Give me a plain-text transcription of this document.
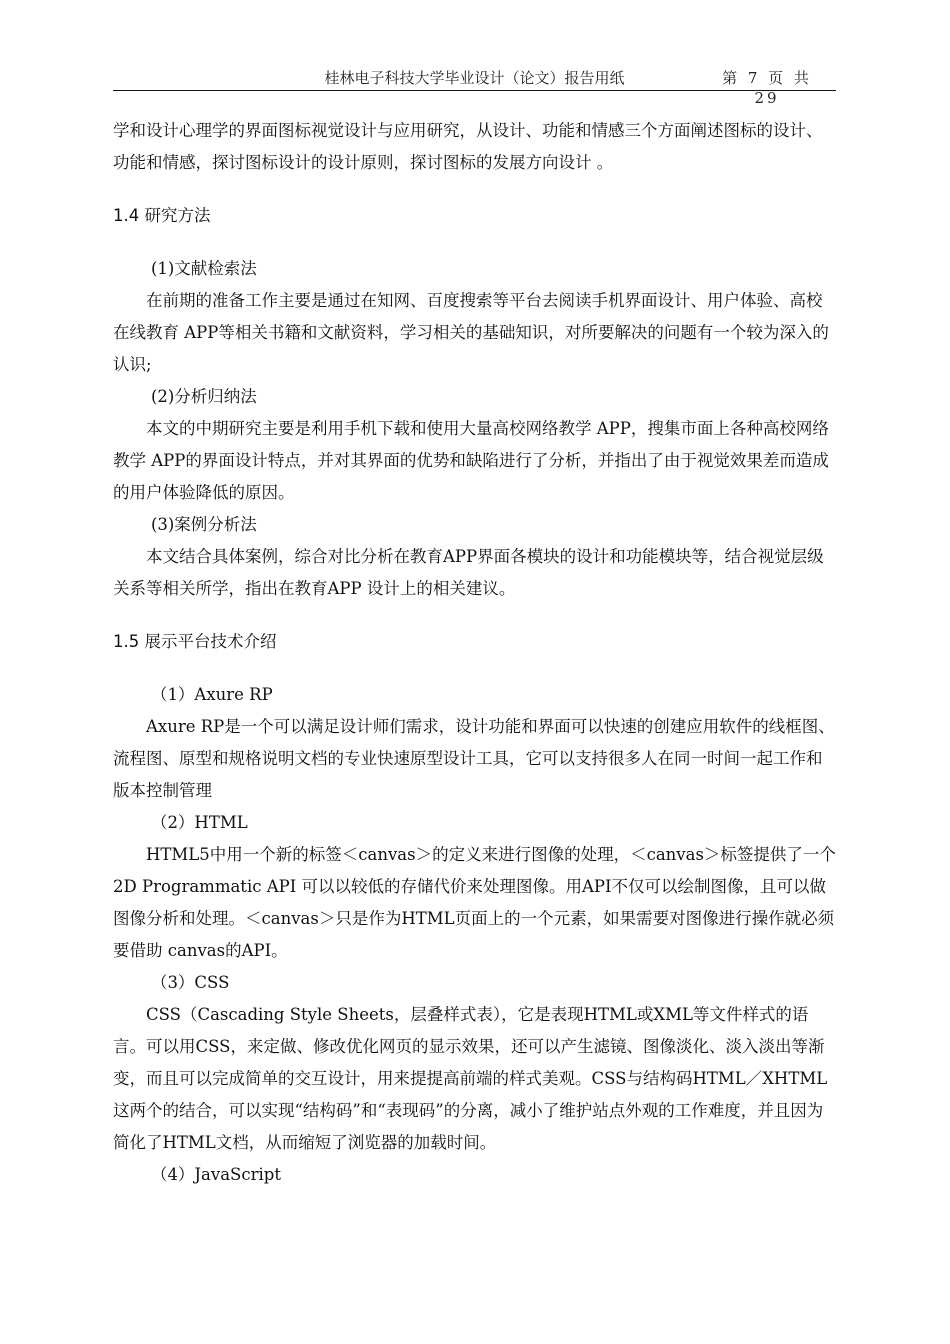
桂林电子科技大学毕业设计（论文）报告用纸	第 7 页 共 29

学和设计心理学的界面图标视觉设计与应用研究，从设计、功能和情感三个方面阐述图标的设计、功能和情感，探讨图标设计的设计原则，探讨图标的发展方向设计 。

1.4 研究方法

(1)文献检索法

在前期的准备工作主要是通过在知网、百度搜索等平台去阅读手机界面设计、用户体验、高校在线教育 APP等相关书籍和文献资料，学习相关的基础知识，对所要解决的问题有一个较为深入的认识;

(2)分析归纳法

本文的中期研究主要是利用手机下载和使用大量高校网络教学 APP，搜集市面上各种高校网络教学 APP的界面设计特点，并对其界面的优势和缺陷进行了分析，并指出了由于视觉效果差而造成的用户体验降低的原因。

(3)案例分析法

本文结合具体案例，综合对比分析在教育APP界面各模块的设计和功能模块等，结合视觉层级关系等相关所学，指出在教育APP 设计上的相关建议。

1.5 展示平台技术介绍

（1）Axure RP

Axure RP是一个可以满足设计师们需求，设计功能和界面可以快速的创建应用软件的线框图、流程图、原型和规格说明文档的专业快速原型设计工具，它可以支持很多人在同一时间一起工作和版本控制管理

（2）HTML

HTML5中用一个新的标签＜canvas＞的定义来进行图像的处理，＜canvas＞标签提供了一个2D Programmatic API 可以以较低的存储代价来处理图像。用API不仅可以绘制图像，且可以做图像分析和处理。＜canvas＞只是作为HTML页面上的一个元素，如果需要对图像进行操作就必须要借助 canvas的API。

（3）CSS

CSS（Cascading Style Sheets，层叠样式表），它是表现HTML或XML等文件样式的语言。可以用CSS，来定做、修改优化网页的显示效果，还可以产生滤镜、图像淡化、淡入淡出等渐变，而且可以完成简单的交互设计，用来提提高前端的样式美观。CSS与结构码HTML／XHTML这两个的结合，可以实现“结构码”和“表现码”的分离，减小了维护站点外观的工作难度，并且因为简化了HTML文档，从而缩短了浏览器的加载时间。

（4）JavaScript
